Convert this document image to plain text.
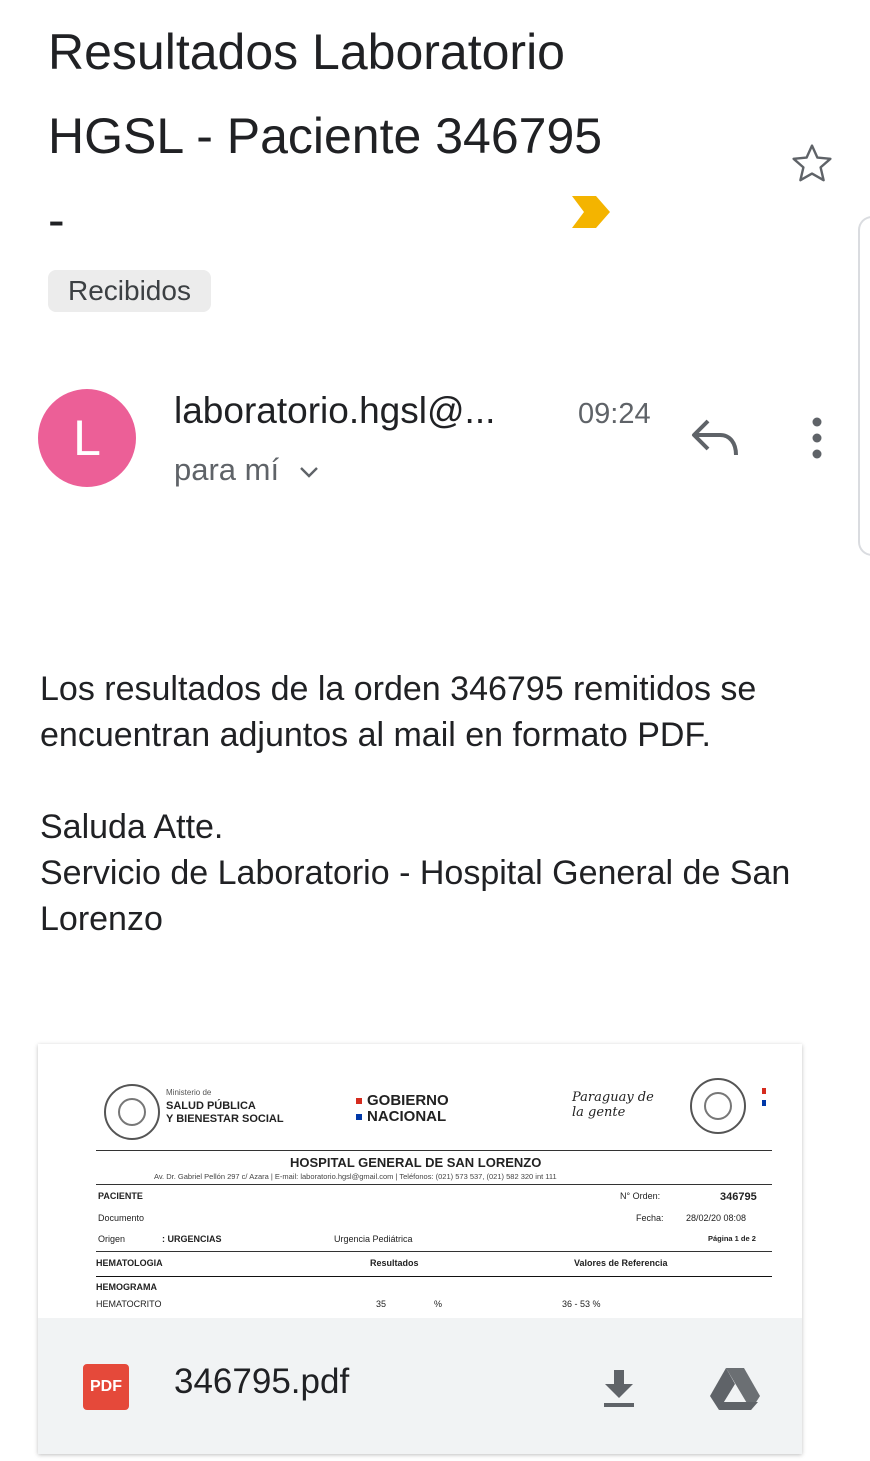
Resultados Laboratorio
HGSL - Paciente 346795
-
Recibidos
L	laboratorio.hgsl@...	09:24
para mí

Los resultados de la orden 346795 remitidos se encuentran adjuntos al mail en formato PDF.

Saluda Atte.
Servicio de Laboratorio - Hospital General de San Lorenzo

Ministerio de
SALUD PÚBLICA
Y BIENESTAR SOCIAL
GOBIERNO
NACIONAL
Paraguay de la gente
HOSPITAL GENERAL DE SAN LORENZO
Av. Dr. Gabriel Pellón 297 c/ Azara | E-mail: laboratorio.hgsl@gmail.com | Teléfonos: (021) 573 537, (021) 582 320 int 111
PACIENTE	N° Orden:	346795
Documento	Fecha: 28/02/20 08:08
Origen	: URGENCIAS	Urgencia Pediátrica	Página 1 de 2
HEMATOLOGIA	Resultados	Valores de Referencia
HEMOGRAMA
HEMATOCRITO	35	%	36 - 53 %
PDF 346795.pdf
